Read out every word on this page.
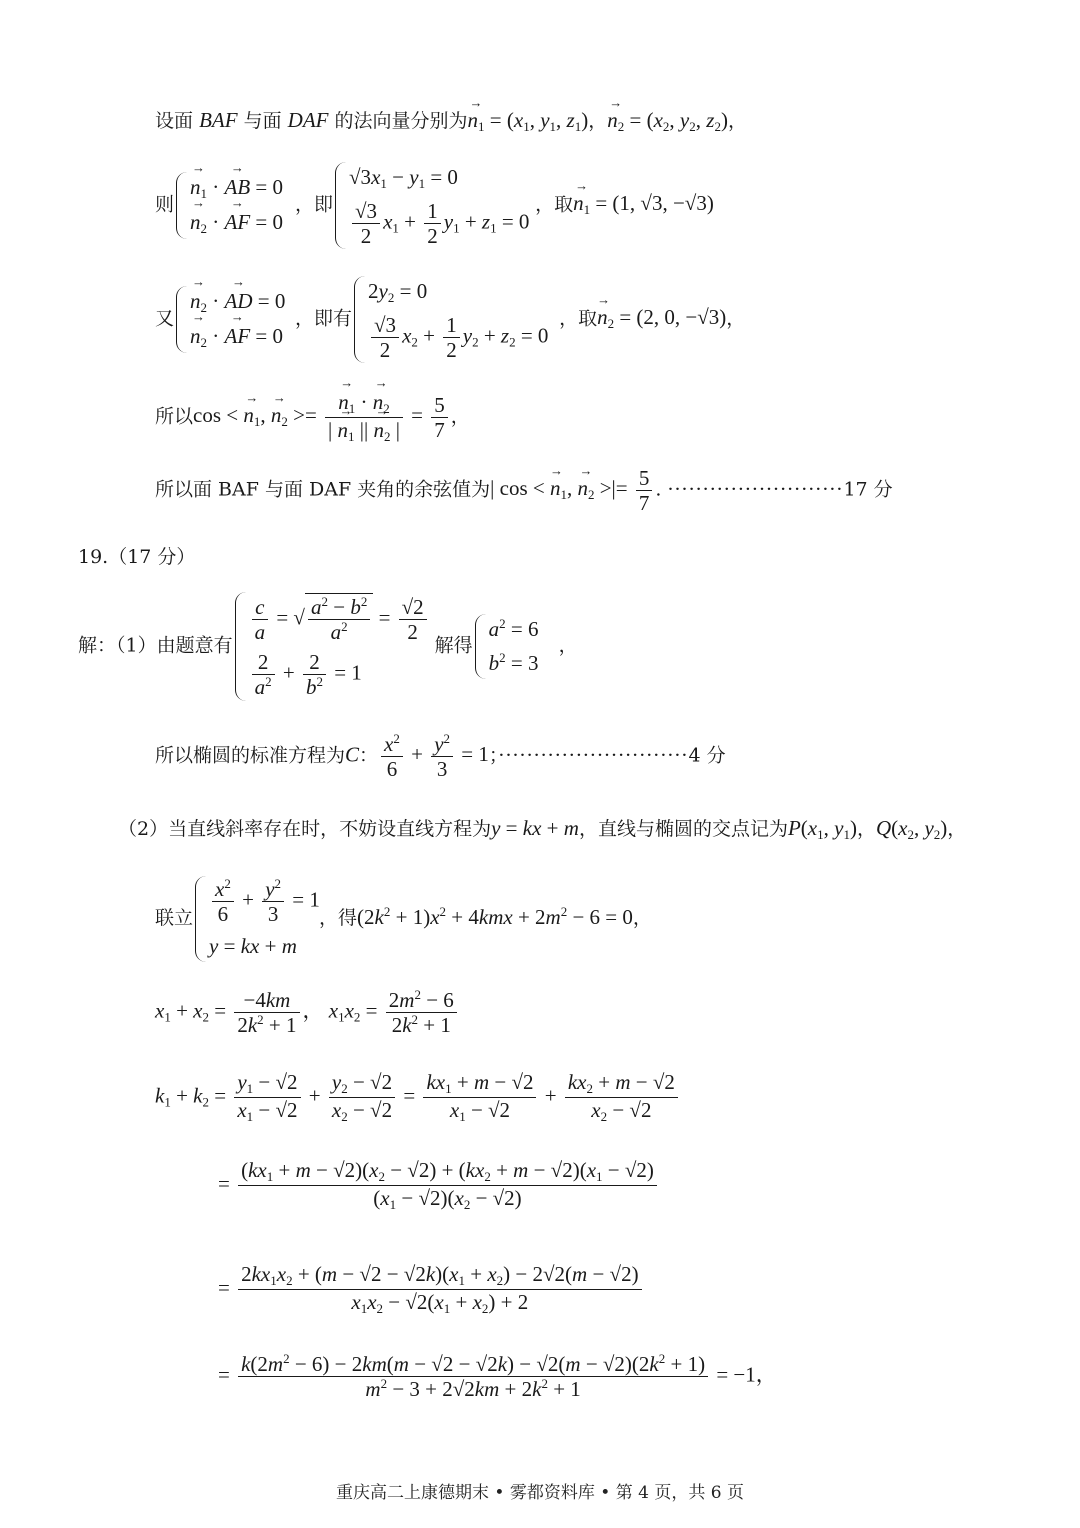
设面 BAF 与面 DAF 的法向量分别为$n_1$ → = ($x_1$, $y_1$, $z_1$)，$n_2$ → = ($x_2$, $y_2$, $z_2$)，
则
$n_1$ → · AB → = 0
$n_2$ → · AF → = 0
，即
$√3x_1 - y_1 = 0$
$\frac{√3}{2} x_1 + \frac{1}{2} y_1 + z_1 = 0$
，取$n_1$ → = (1, √3, −√3)
又
$n_2$ → · AD → = 0
$n_2$ → · AF → = 0
，即有
$2y_2 = 0$
$\frac{√3}{2} x_2 + \frac{1}{2} y_2 + z_2 = 0$
，取$n \to_2 = (2$, 0, −√3)，
所以$\cos < n_1$ →, $n_2$ → >= $\frac{n_1 \to \cdot n_2 \to}{| n_1 \to || n_2 \to |} = \frac{5}{7}$ ，
所以面 BAF 与面 DAF 夹角的余弦值为| $\cos < n \to_1$, $n_2$ → >|= $\frac{5}{7}$ . ·························17 分
19.（17 分）
解：（1）由题意有
$\frac{c}{a}$ = √ $\frac{a^2 - b^2}{a^2} = \frac{√2}{2}$
$\frac{2}{a^2} + \frac{2}{b^2} = 1$
解得
$a^2 = 6$
$b^2 = 3$
，
所以椭圆的标准方程为C： $\frac{x^2}{6} + \frac{y^2}{3} = 1$；···························4 分
（2）当直线斜率存在时，不妨设直线方程为y = kx + m，直线与椭圆的交点记为$P(x_1$, $y_1$)，$Q(x_2$, $y_2$)，
联立 $\frac{x^2}{6} + \frac{y^2}{3} = 1$
y = kx + m
，得$(2k^2 + 1)x^2 + 4kmx + 2m^2 - 6 = 0$，
$x_1 + x_2 = \frac{-4km}{2k^2 + 1}$ ， $x_1x_2 = \frac{2m^2 - 6}{2k^2 + 1}$
$k_1 + k_2 = \frac{y_1 - √2}{x_1 - √2} + \frac{y_2 - √2}{x_2 - √2} = \frac{kx_1 + m - √2}{x_1 - √2} + \frac{kx_2 + m - √2}{x_2 - √2}$
= $\frac{(kx_1 + m - √2)(x_2 - √2) + (kx_2 + m - √2)(x_1 - √2)}{(x_1 - √2)(x_2 - √2)}$
= $\frac{2kx_1x_2 + (m - √2 - √2k)(x_1 + x_2) - 2√2(m - √2)}{x_1x_2 - √2(x_1 + x_2) + 2}$
= $\frac{k(2m^2 - 6) - 2km(m - √2 - √2k) - √2(m - √2)(2k^2 + 1)}{m^2 - 3 + 2√2km + 2k^2 + 1} = -1$，
重庆高二上康德期末 • 雾都资料库 • 第 4 页，共 6 页
